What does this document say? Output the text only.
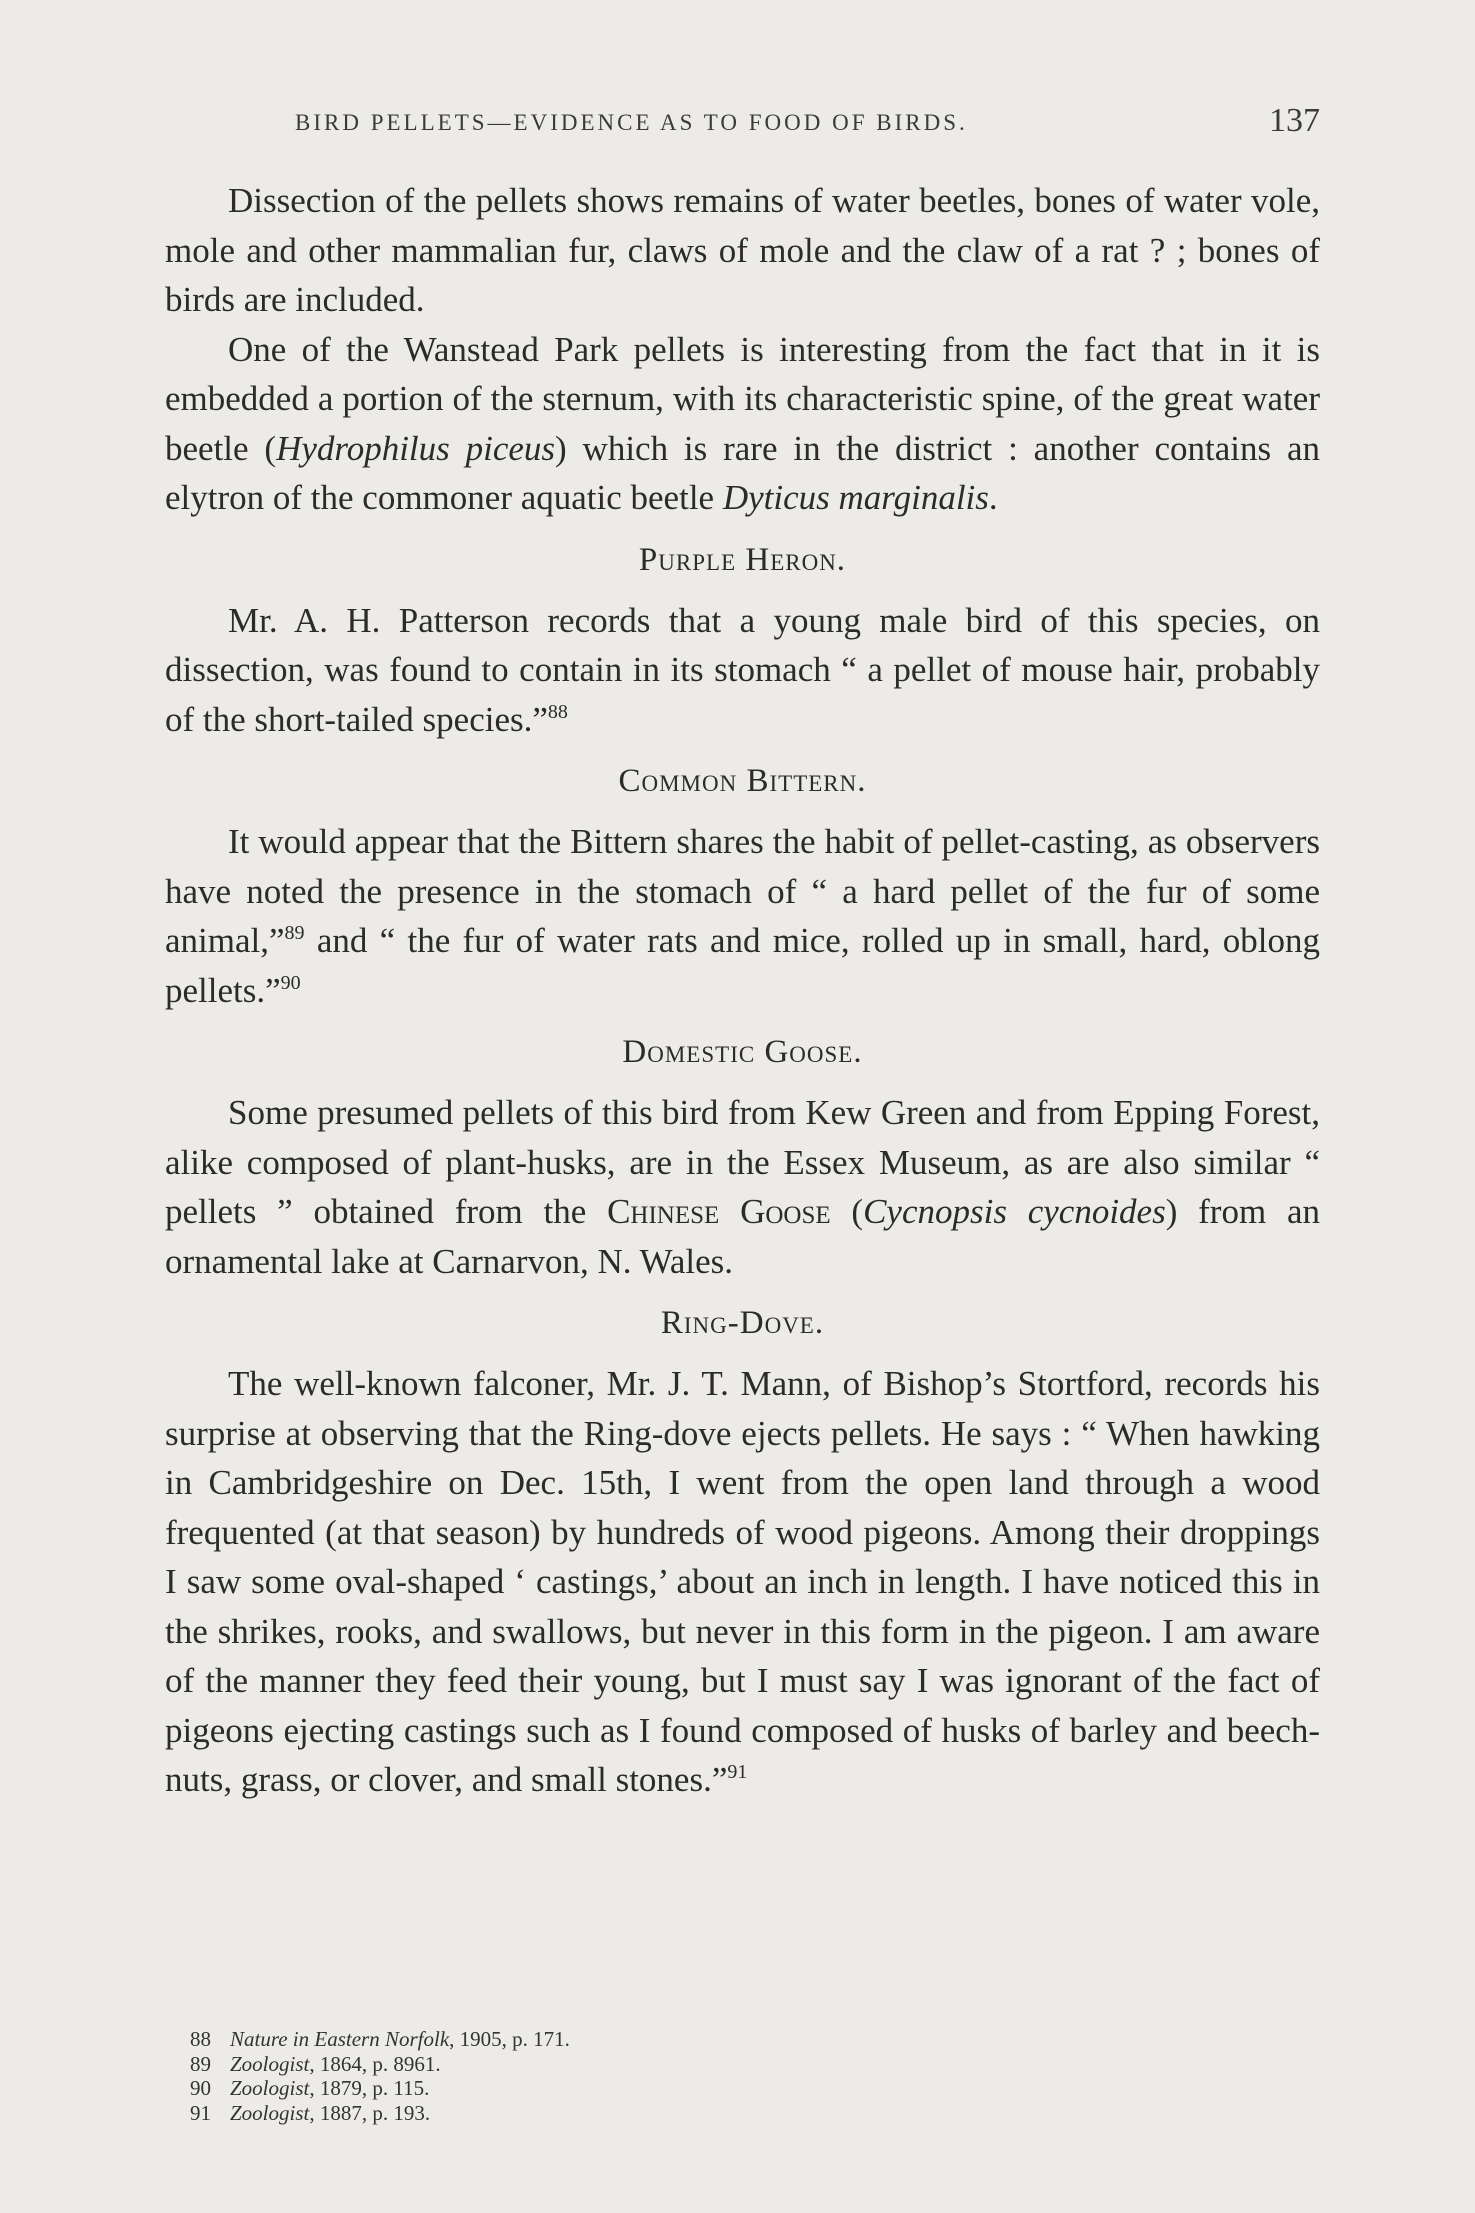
BIRD PELLETS—EVIDENCE AS TO FOOD OF BIRDS.	137

Dissection of the pellets shows remains of water beetles, bones of water vole, mole and other mammalian fur, claws of mole and the claw of a rat ? ; bones of birds are included.

One of the Wanstead Park pellets is interesting from the fact that in it is embedded a portion of the sternum, with its characteristic spine, of the great water beetle (Hydrophilus piceus) which is rare in the district : another contains an elytron of the commoner aquatic beetle Dyticus marginalis.

Purple Heron.

Mr. A. H. Patterson records that a young male bird of this species, on dissection, was found to contain in its stomach “ a pellet of mouse hair, probably of the short-tailed species.”$^{88}$

Common Bittern.

It would appear that the Bittern shares the habit of pellet-casting, as observers have noted the presence in the stomach of “ a hard pellet of the fur of some animal,”$^{89}$ and “ the fur of water rats and mice, rolled up in small, hard, oblong pellets.”$^{90}$

Domestic Goose.

Some presumed pellets of this bird from Kew Green and from Epping Forest, alike composed of plant-husks, are in the Essex Museum, as are also similar “ pellets ” obtained from the Chinese Goose (Cycnopsis cycnoides) from an ornamental lake at Carnarvon, N. Wales.

Ring-Dove.

The well-known falconer, Mr. J. T. Mann, of Bishop’s Stortford, records his surprise at observing that the Ring-dove ejects pellets. He says : “ When hawking in Cambridgeshire on Dec. 15th, I went from the open land through a wood frequented (at that season) by hundreds of wood pigeons. Among their droppings I saw some oval-shaped ‘ castings,’ about an inch in length. I have noticed this in the shrikes, rooks, and swallows, but never in this form in the pigeon. I am aware of the manner they feed their young, but I must say I was ignorant of the fact of pigeons ejecting castings such as I found composed of husks of barley and beech-nuts, grass, or clover, and small stones.”$^{91}$

88 Nature in Eastern Norfolk, 1905, p. 171.
89 Zoologist, 1864, p. 8961.
90 Zoologist, 1879, p. 115.
91 Zoologist, 1887, p. 193.
